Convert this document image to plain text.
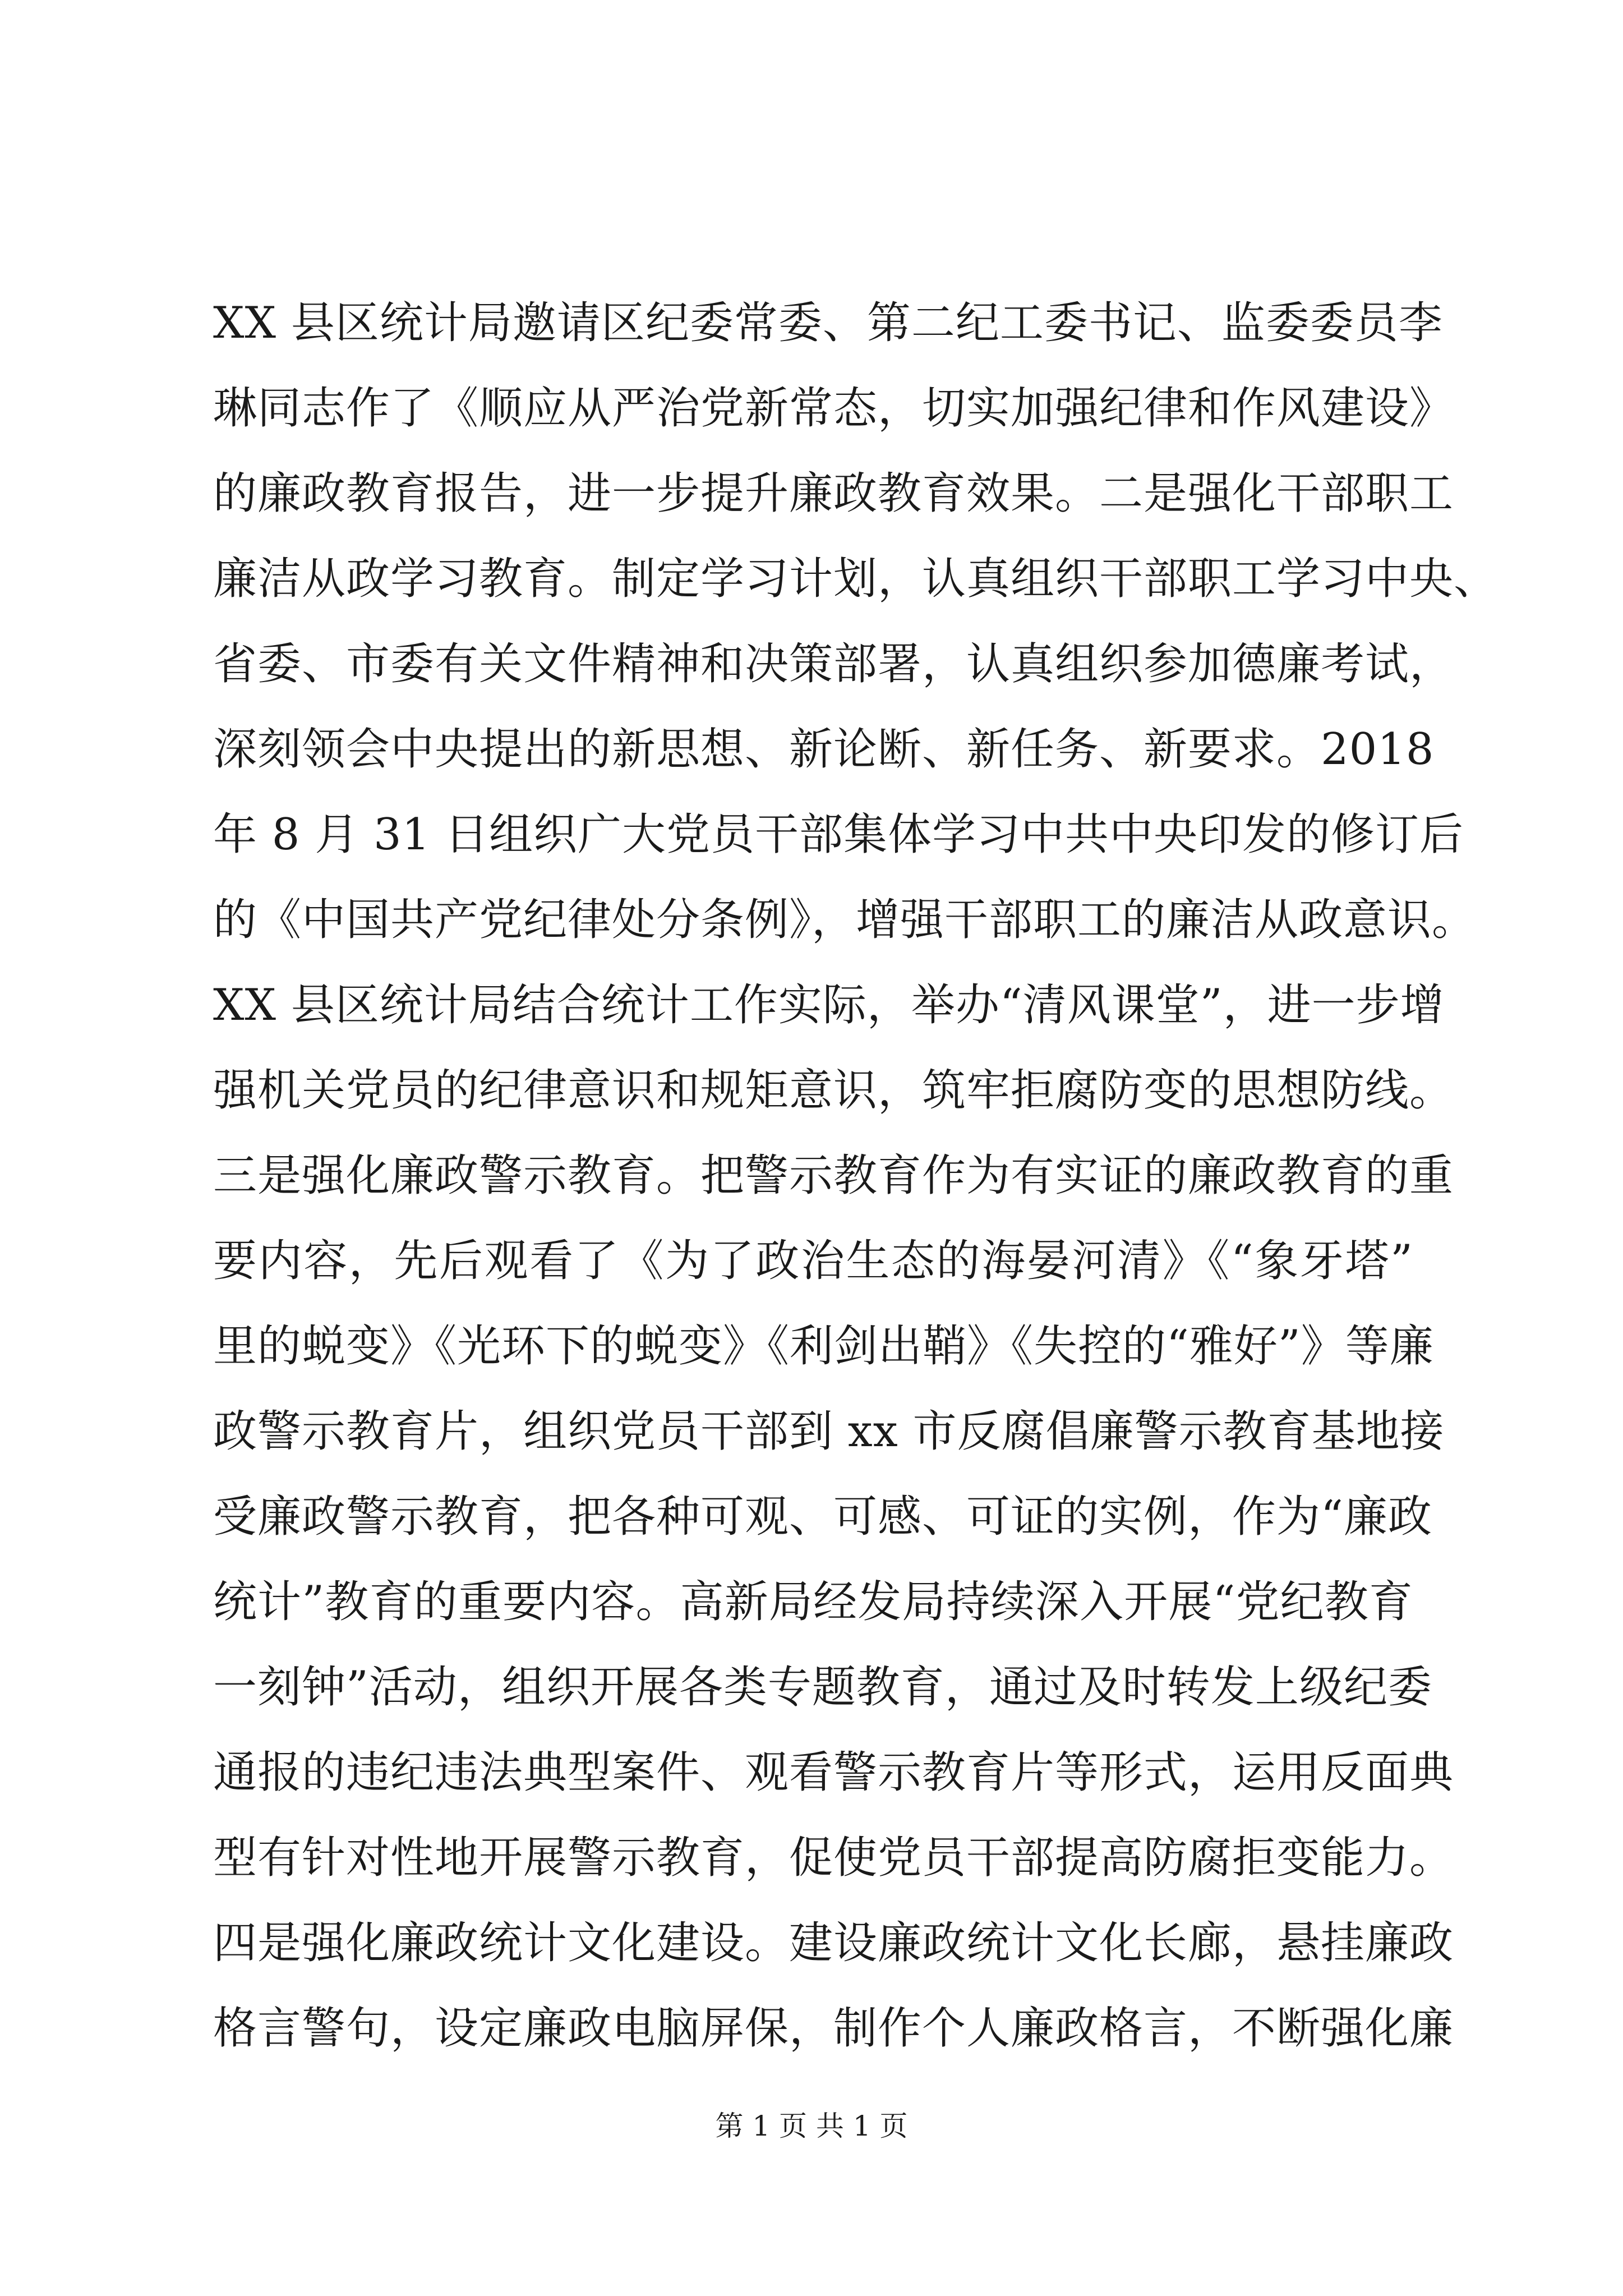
XX 县区统计局邀请区纪委常委、第二纪工委书记、监委委员李
琳同志作了《顺应从严治党新常态，切实加强纪律和作风建设》
的廉政教育报告，进一步提升廉政教育效果。二是强化干部职工
廉洁从政学习教育。制定学习计划，认真组织干部职工学习中央、
省委、市委有关文件精神和决策部署，认真组织参加德廉考试，
深刻领会中央提出的新思想、新论断、新任务、新要求。2018
年 8 月 31 日组织广大党员干部集体学习中共中央印发的修订后
的《中国共产党纪律处分条例》，增强干部职工的廉洁从政意识。
XX 县区统计局结合统计工作实际，举办“清风课堂”，进一步增
强机关党员的纪律意识和规矩意识，筑牢拒腐防变的思想防线。
三是强化廉政警示教育。把警示教育作为有实证的廉政教育的重
要内容，先后观看了《为了政治生态的海晏河清》《“象牙塔”
里的蜕变》《光环下的蜕变》《利剑出鞘》《失控的“雅好”》等廉
政警示教育片，组织党员干部到 xx 市反腐倡廉警示教育基地接
受廉政警示教育，把各种可观、可感、可证的实例，作为“廉政
统计”教育的重要内容。高新局经发局持续深入开展“党纪教育
一刻钟”活动，组织开展各类专题教育，通过及时转发上级纪委
通报的违纪违法典型案件、观看警示教育片等形式，运用反面典
型有针对性地开展警示教育，促使党员干部提高防腐拒变能力。
四是强化廉政统计文化建设。建设廉政统计文化长廊，悬挂廉政
格言警句，设定廉政电脑屏保，制作个人廉政格言，不断强化廉
第 1 页 共 1 页
